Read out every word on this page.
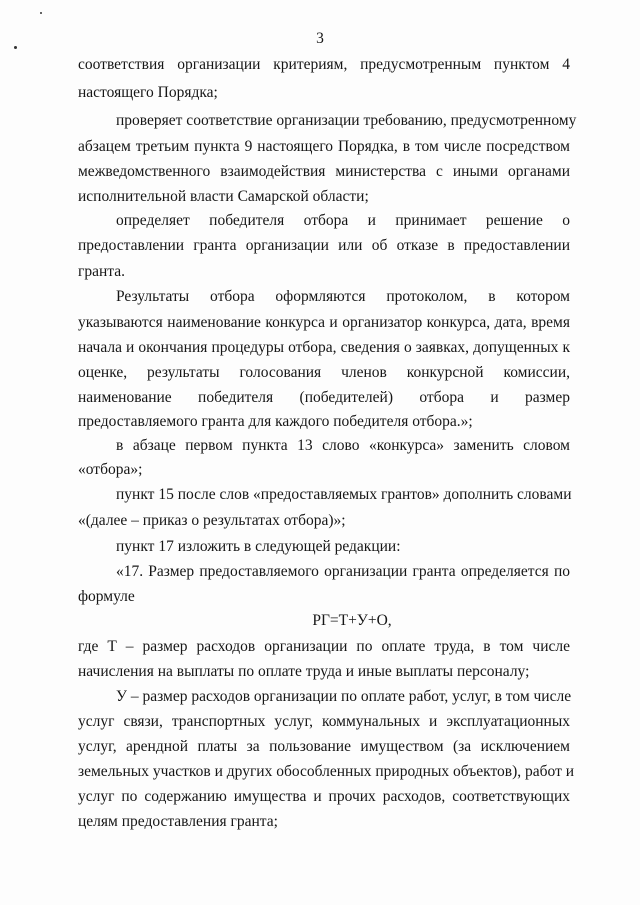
3
соответствия организации критериям, предусмотренным пунктом 4
настоящего Порядка;
проверяет соответствие организации требованию, предусмотренному
абзацем третьим пункта 9 настоящего Порядка, в том числе посредством
межведомственного взаимодействия министерства с иными органами
исполнительной власти Самарской области;
определяет победителя отбора и принимает решение о
предоставлении гранта организации или об отказе в предоставлении
гранта.
Результаты отбора оформляются протоколом, в котором
указываются наименование конкурса и организатор конкурса, дата, время
начала и окончания процедуры отбора, сведения о заявках, допущенных к
оценке, результаты голосования членов конкурсной комиссии,
наименование победителя (победителей) отбора и размер
предоставляемого гранта для каждого победителя отбора.»;
в абзаце первом пункта 13 слово «конкурса» заменить словом
«отбора»;
пункт 15 после слов «предоставляемых грантов» дополнить словами
«(далее – приказ о результатах отбора)»;
пункт 17 изложить в следующей редакции:
«17. Размер предоставляемого организации гранта определяется по
формуле
РГ=Т+У+О,
где Т – размер расходов организации по оплате труда, в том числе
начисления на выплаты по оплате труда и иные выплаты персоналу;
У – размер расходов организации по оплате работ, услуг, в том числе
услуг связи, транспортных услуг, коммунальных и эксплуатационных
услуг, арендной платы за пользование имуществом (за исключением
земельных участков и других обособленных природных объектов), работ и
услуг по содержанию имущества и прочих расходов, соответствующих
целям предоставления гранта;
